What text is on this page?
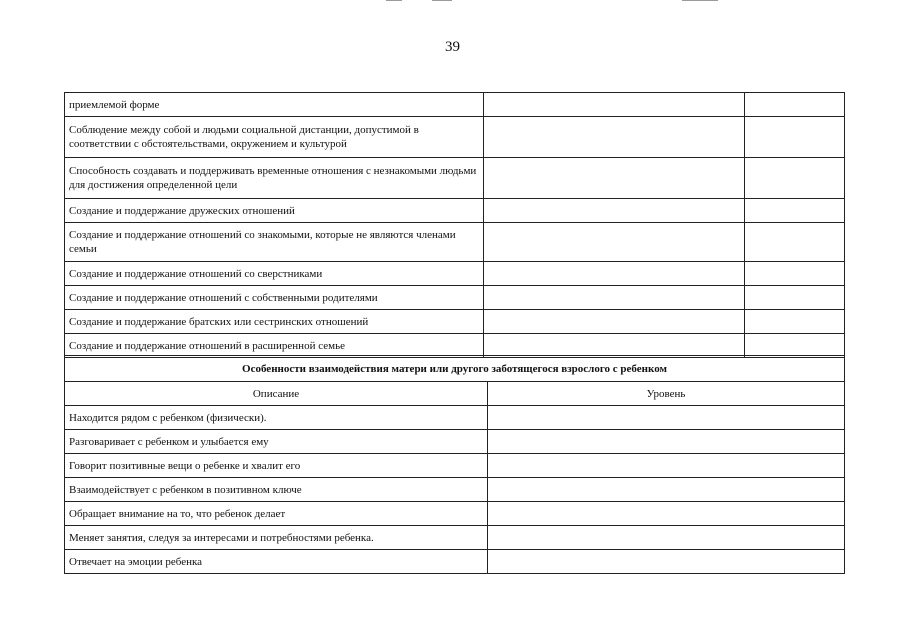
39
приемлемой форме		
Соблюдение между собой и людьми социальной дистанции, допустимой в соответствии с обстоятельствами, окружением и культурой		
Способность создавать и поддерживать временные отношения с незнакомыми людьми для достижения определенной цели		
Создание и поддержание дружеских отношений		
Создание и поддержание отношений со знакомыми, которые не являются членами семьи		
Создание и поддержание отношений со сверстниками		
Создание и поддержание отношений с собственными родителями		
Создание и поддержание братских или сестринских отношений		
Создание и поддержание отношений в расширенной семье		
Особенности взаимодействия матери или другого заботящегося взрослого с ребенком	
Описание	Уровень
Находится рядом с ребенком (физически).	
Разговаривает с ребенком и улыбается ему	
Говорит позитивные вещи о ребенке и хвалит его	
Взаимодействует с ребенком в позитивном ключе	
Обращает внимание на то, что ребенок делает	
Меняет занятия, следуя за интересами и потребностями ребенка.	
Отвечает на эмоции ребенка	
